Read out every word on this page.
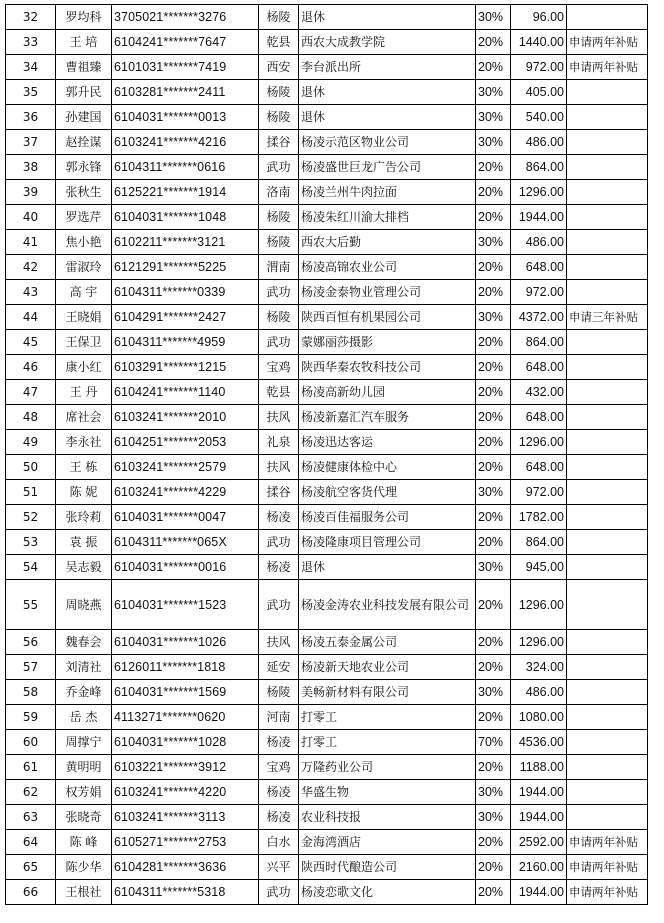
32	罗均科	3705021*******3276	杨陵	退休	30%	96.00	
33	王 培	6104241*******7647	乾县	西农大成教学院	20%	1440.00	申请两年补贴
34	曹祖臻	6101031*******7419	西安	李台派出所	20%	972.00	申请两年补贴
35	郭升民	6103281*******2411	杨陵	退休	30%	405.00	
36	孙建国	6104031*******0013	杨陵	退休	30%	540.00	
37	赵拴谋	6103241*******4216	揉谷	杨凌示范区物业公司	30%	486.00	
38	郭永锋	6104311*******0616	武功	杨凌盛世巨龙广告公司	20%	864.00	
39	张秋生	6125221*******1914	洛南	杨凌兰州牛肉拉面	20%	1296.00	
40	罗选芹	6104031*******1048	杨陵	杨凌朱红川渝大排档	20%	1944.00	
41	焦小艳	6102211*******3121	杨陵	西农大后勤	30%	486.00	
42	雷淑玲	6121291*******5225	渭南	杨凌高锦农业公司	20%	648.00	
43	高 宇	6104311*******0339	武功	杨凌金泰物业管理公司	20%	972.00	
44	王晓娟	6104291*******2427	杨陵	陕西百恒有机果园公司	30%	4372.00	申请三年补贴
45	王保卫	6104311*******4959	武功	蒙娜丽莎摄影	20%	864.00	
46	康小红	6103291*******1215	宝鸡	陕西华秦农牧科技公司	20%	648.00	
47	王 丹	6104241*******1140	乾县	杨凌高新幼儿园	20%	432.00	
48	席社会	6103241*******2010	扶风	杨凌新嘉汇汽车服务	20%	648.00	
49	李永社	6104251*******2053	礼泉	杨凌迅达客运	20%	1296.00	
50	王 栋	6103241*******2579	扶风	杨凌健康体检中心	20%	648.00	
51	陈 妮	6103241*******4229	揉谷	杨凌航空客货代理	30%	972.00	
52	张玲莉	6104031*******0047	杨凌	杨凌百佳福服务公司	20%	1782.00	
53	袁 振	6104311*******065X	武功	杨凌隆康项目管理公司	20%	864.00	
54	吴志毅	6104031*******0016	杨凌	退休	30%	945.00	
55	周晓燕	6104031*******1523	武功	杨凌金涛农业科技发展有限公司	20%	1296.00	
56	魏春会	6104031*******1026	扶风	杨凌五泰金属公司	20%	1296.00	
57	刘清社	6126011*******1818	延安	杨凌新天地农业公司	20%	324.00	
58	乔金峰	6104031*******1569	杨陵	美畅新材料有限公司	30%	486.00	
59	岳 杰	4113271*******0620	河南	打零工	20%	1080.00	
60	周撑宁	6104031*******1028	杨凌	打零工	70%	4536.00	
61	黄明明	6103221*******3912	宝鸡	万隆药业公司	20%	1188.00	
62	权芳娟	6103241*******4220	杨凌	华盛生物	30%	1944.00	
63	张晓奇	6103241*******3113	杨凌	农业科技报	30%	1944.00	
64	陈 峰	6105271*******2753	白水	金海湾酒店	20%	2592.00	申请两年补贴
65	陈少华	6104281*******3636	兴平	陕西时代酿造公司	20%	2160.00	申请两年补贴
66	王根社	6104311*******5318	武功	杨凌恋歌文化	20%	1944.00	申请两年补贴
